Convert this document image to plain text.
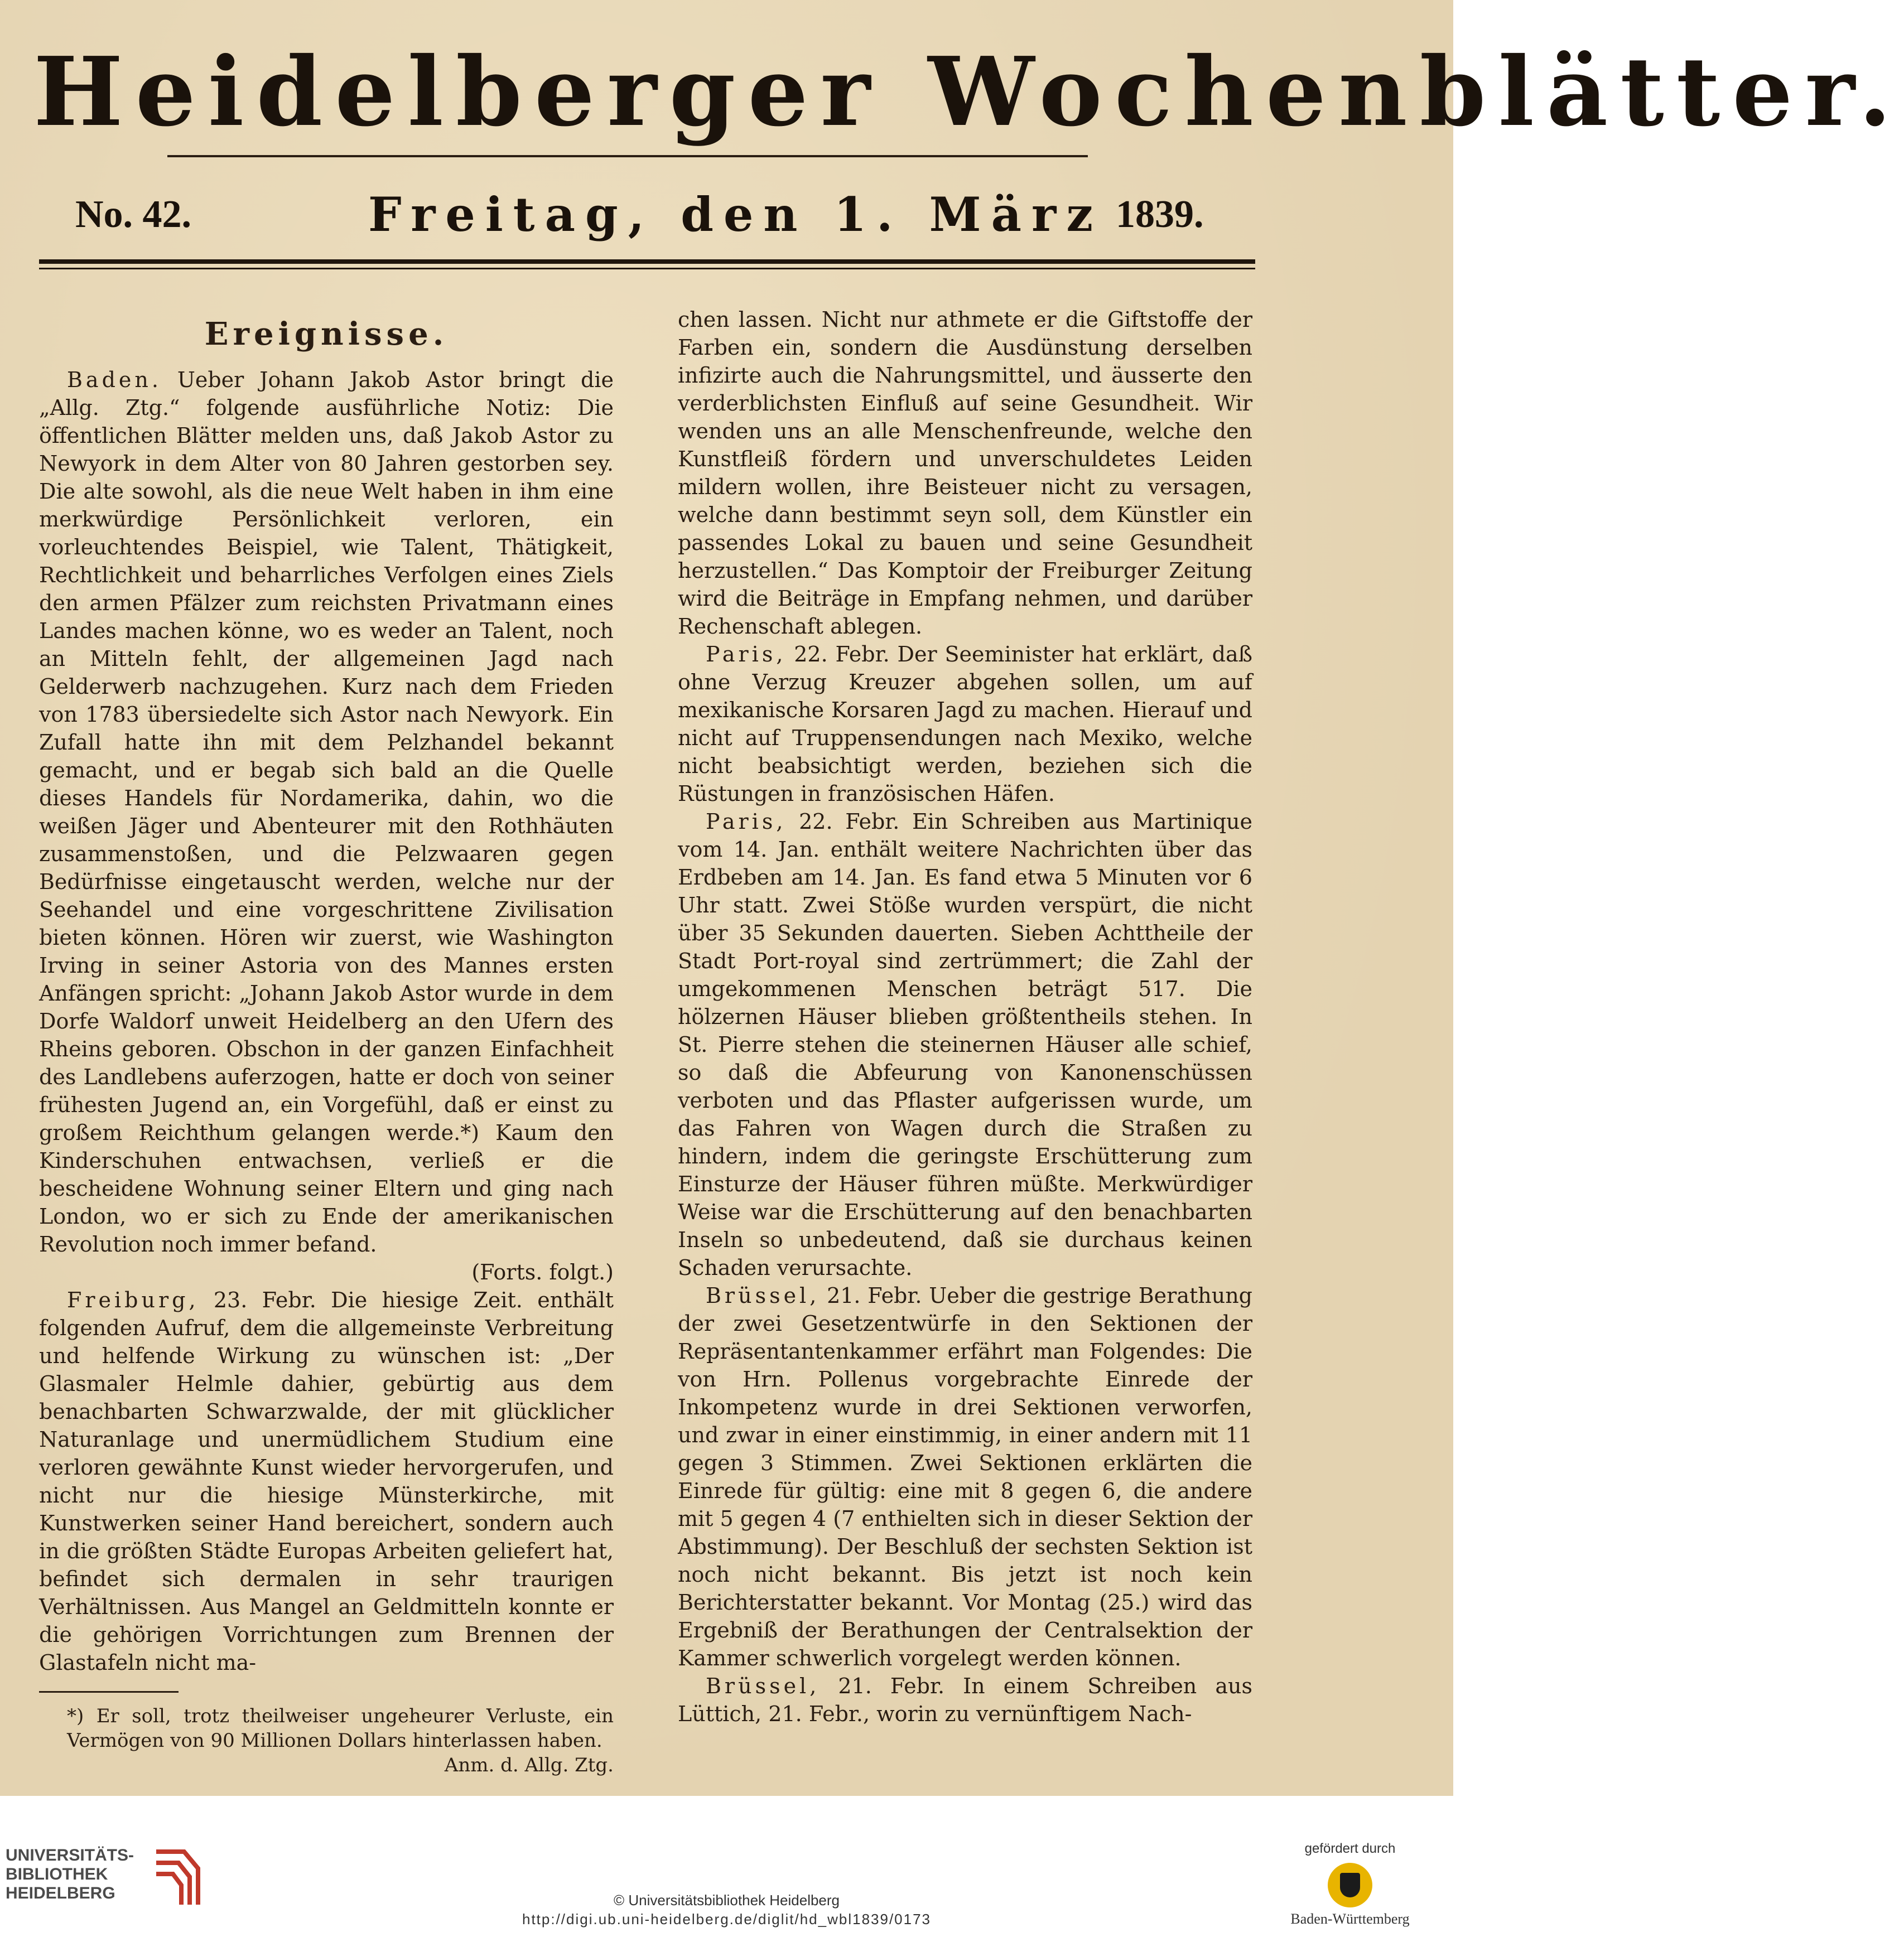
Heidelberger Wochenblätter.
No. 42.	Freitag, den 1. März 1839.
Ereignisse.

Baden. Ueber Johann Jakob Astor bringt die „Allg. Ztg.“ folgende ausführliche Notiz: Die öffentlichen Blätter melden uns, daß Jakob Astor zu Newyork in dem Alter von 80 Jahren gestorben sey. Die alte sowohl, als die neue Welt haben in ihm eine merkwürdige Persönlichkeit verloren, ein vorleuchtendes Beispiel, wie Talent, Thätigkeit, Rechtlichkeit und beharrliches Verfolgen eines Ziels den armen Pfälzer zum reichsten Privatmann eines Landes machen könne, wo es weder an Talent, noch an Mitteln fehlt, der allgemeinen Jagd nach Gelderwerb nachzugehen. Kurz nach dem Frieden von 1783 übersiedelte sich Astor nach Newyork. Ein Zufall hatte ihn mit dem Pelzhandel bekannt gemacht, und er begab sich bald an die Quelle dieses Handels für Nordamerika, dahin, wo die weißen Jäger und Abenteurer mit den Rothhäuten zusammenstoßen, und die Pelzwaaren gegen Bedürfnisse eingetauscht werden, welche nur der Seehandel und eine vorgeschrittene Zivilisation bieten können. Hören wir zuerst, wie Washington Irving in seiner Astoria von des Mannes ersten Anfängen spricht: „Johann Jakob Astor wurde in dem Dorfe Waldorf unweit Heidelberg an den Ufern des Rheins geboren. Obschon in der ganzen Einfachheit des Landlebens auferzogen, hatte er doch von seiner frühesten Jugend an, ein Vorgefühl, daß er einst zu großem Reichthum gelangen werde.*) Kaum den Kinderschuhen entwachsen, verließ er die bescheidene Wohnung seiner Eltern und ging nach London, wo er sich zu Ende der amerikanischen Revolution noch immer befand.

(Forts. folgt.)

Freiburg, 23. Febr. Die hiesige Zeit. enthält folgenden Aufruf, dem die allgemeinste Verbreitung und helfende Wirkung zu wünschen ist: „Der Glasmaler Helmle dahier, gebürtig aus dem benachbarten Schwarzwalde, der mit glücklicher Naturanlage und unermüdlichem Studium eine verloren gewähnte Kunst wieder hervorgerufen, und nicht nur die hiesige Münsterkirche, mit Kunstwerken seiner Hand bereichert, sondern auch in die größten Städte Europas Arbeiten geliefert hat, befindet sich dermalen in sehr traurigen Verhältnissen. Aus Mangel an Geldmitteln konnte er die gehörigen Vorrichtungen zum Brennen der Glastafeln nicht ma-

*) Er soll, trotz theilweiser ungeheurer Verluste, ein Vermögen von 90 Millionen Dollars hinterlassen haben.
Anm. d. Allg. Ztg.

chen lassen. Nicht nur athmete er die Giftstoffe der Farben ein, sondern die Ausdünstung derselben infizirte auch die Nahrungsmittel, und äusserte den verderblichsten Einfluß auf seine Gesundheit. Wir wenden uns an alle Menschenfreunde, welche den Kunstfleiß fördern und unverschuldetes Leiden mildern wollen, ihre Beisteuer nicht zu versagen, welche dann bestimmt seyn soll, dem Künstler ein passendes Lokal zu bauen und seine Gesundheit herzustellen.“ Das Komptoir der Freiburger Zeitung wird die Beiträge in Empfang nehmen, und darüber Rechenschaft ablegen.

Paris, 22. Febr. Der Seeminister hat erklärt, daß ohne Verzug Kreuzer abgehen sollen, um auf mexikanische Korsaren Jagd zu machen. Hierauf und nicht auf Truppensendungen nach Mexiko, welche nicht beabsichtigt werden, beziehen sich die Rüstungen in französischen Häfen.

Paris, 22. Febr. Ein Schreiben aus Martinique vom 14. Jan. enthält weitere Nachrichten über das Erdbeben am 14. Jan. Es fand etwa 5 Minuten vor 6 Uhr statt. Zwei Stöße wurden verspürt, die nicht über 35 Sekunden dauerten. Sieben Achttheile der Stadt Port-royal sind zertrümmert; die Zahl der umgekommenen Menschen beträgt 517. Die hölzernen Häuser blieben größtentheils stehen. In St. Pierre stehen die steinernen Häuser alle schief, so daß die Abfeurung von Kanonenschüssen verboten und das Pflaster aufgerissen wurde, um das Fahren von Wagen durch die Straßen zu hindern, indem die geringste Erschütterung zum Einsturze der Häuser führen müßte. Merkwürdiger Weise war die Erschütterung auf den benachbarten Inseln so unbedeutend, daß sie durchaus keinen Schaden verursachte.

Brüssel, 21. Febr. Ueber die gestrige Berathung der zwei Gesetzentwürfe in den Sektionen der Repräsentantenkammer erfährt man Folgendes: Die von Hrn. Pollenus vorgebrachte Einrede der Inkompetenz wurde in drei Sektionen verworfen, und zwar in einer einstimmig, in einer andern mit 11 gegen 3 Stimmen. Zwei Sektionen erklärten die Einrede für gültig: eine mit 8 gegen 6, die andere mit 5 gegen 4 (7 enthielten sich in dieser Sektion der Abstimmung). Der Beschluß der sechsten Sektion ist noch nicht bekannt. Bis jetzt ist noch kein Berichterstatter bekannt. Vor Montag (25.) wird das Ergebniß der Berathungen der Centralsektion der Kammer schwerlich vorgelegt werden können.

Brüssel, 21. Febr. In einem Schreiben aus Lüttich, 21. Febr., worin zu vernünftigem Nach-

UNIVERSITÄTS-
BIBLIOTHEK
HEIDELBERG
gefördert durch
Baden-Württemberg
© Universitätsbibliothek Heidelberg
http://digi.ub.uni-heidelberg.de/diglit/hd_wbl1839/0173
